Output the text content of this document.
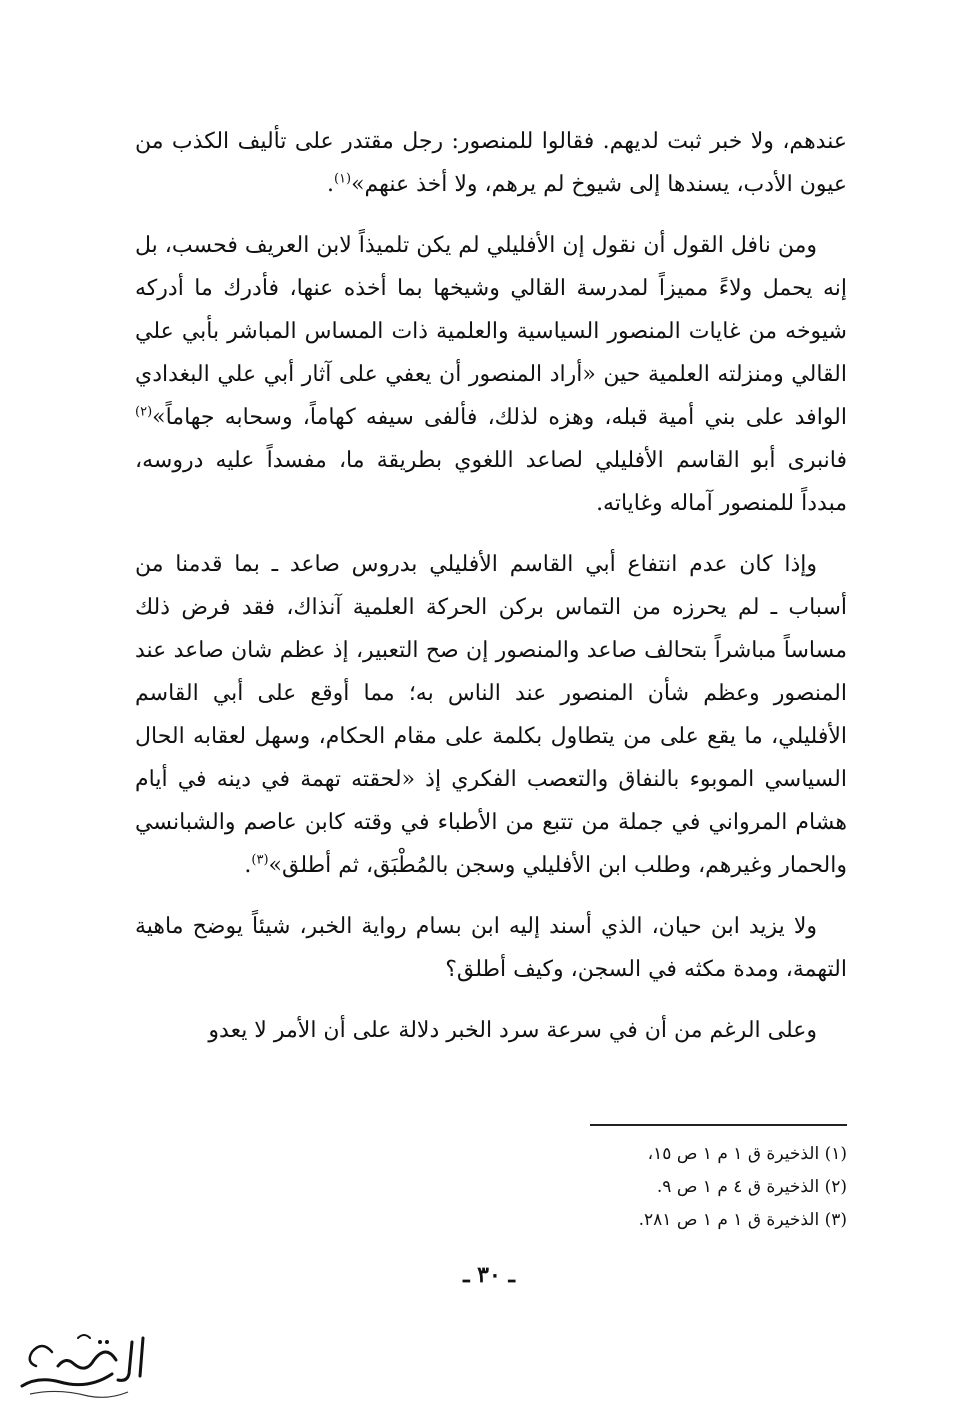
عندهم، ولا خبر ثبت لديهم. فقالوا للمنصور: رجل مقتدر على تأليف الكذب من عيون الأدب، يسندها إلى شيوخ لم يرهم، ولا أخذ عنهم»$^{(١)}$.

ومن نافل القول أن نقول إن الأفليلي لم يكن تلميذاً لابن العريف فحسب، بل إنه يحمل ولاءً مميزاً لمدرسة القالي وشيخها بما أخذه عنها، فأدرك ما أدركه شيوخه من غايات المنصور السياسية والعلمية ذات المساس المباشر بأبي علي القالي ومنزلته العلمية حين «أراد المنصور أن يعفي على آثار أبي علي البغدادي الوافد على بني أمية قبله، وهزه لذلك، فألفى سيفه كهاماً، وسحابه جهاماً»$^{(٢)}$ فانبرى أبو القاسم الأفليلي لصاعد اللغوي بطريقة ما، مفسداً عليه دروسه، مبدداً للمنصور آماله وغاياته.

وإذا كان عدم انتفاع أبي القاسم الأفليلي بدروس صاعد ـ بما قدمنا من أسباب ـ لم يحرزه من التماس بركن الحركة العلمية آنذاك، فقد فرض ذلك مساساً مباشراً بتحالف صاعد والمنصور إن صح التعبير، إذ عظم شان صاعد عند المنصور وعظم شأن المنصور عند الناس به؛ مما أوقع على أبي القاسم الأفليلي، ما يقع على من يتطاول بكلمة على مقام الحكام، وسهل لعقابه الحال السياسي الموبوء بالنفاق والتعصب الفكري إذ «لحقته تهمة في دينه في أيام هشام المرواني في جملة من تتبع من الأطباء في وقته كابن عاصم والشبانسي والحمار وغيرهم، وطلب ابن الأفليلي وسجن بالمُطْبَق، ثم أطلق»$^{(٣)}$.

ولا يزيد ابن حيان، الذي أسند إليه ابن بسام رواية الخبر، شيئاً يوضح ماهية التهمة، ومدة مكثه في السجن، وكيف أطلق؟

وعلى الرغم من أن في سرعة سرد الخبر دلالة على أن الأمر لا يعدو

(١) الذخيرة ق ١ م ١ ص ١٥،
(٢) الذخيرة ق ٤ م ١ ص ٩.
(٣) الذخيرة ق ١ م ١ ص ٢٨١.
ـ ٣٠ ـ
